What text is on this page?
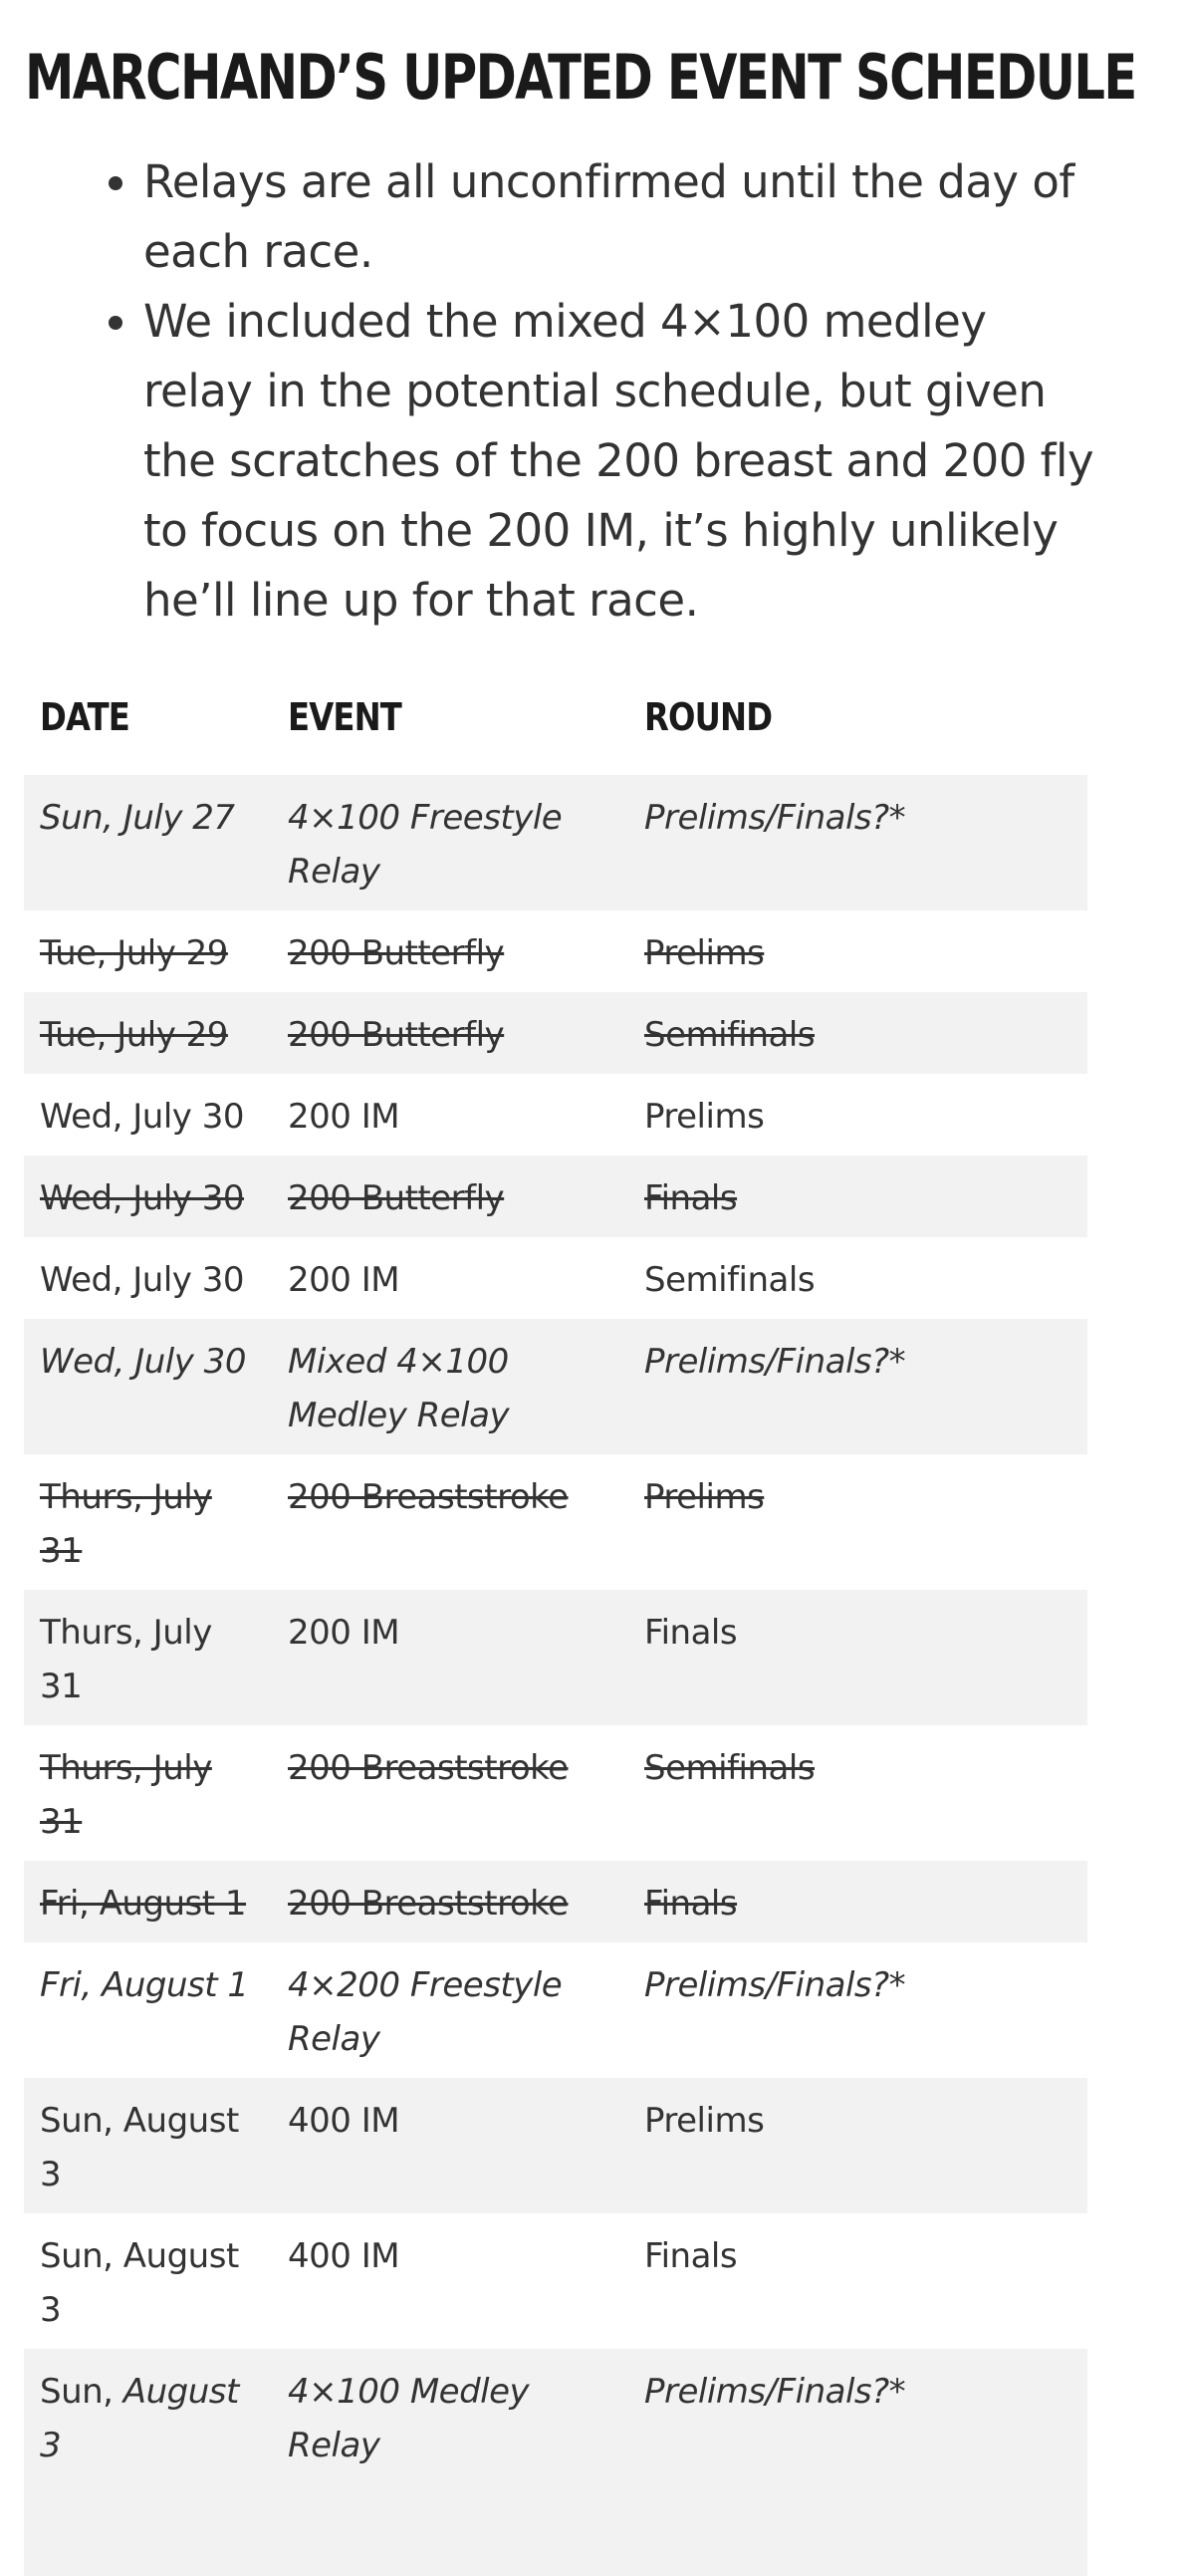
MARCHAND’S UPDATED EVENT SCHEDULE
• Relays are all unconfirmed until the day of each race.
• We included the mixed 4×100 medley relay in the potential schedule, but given the scratches of the 200 breast and 200 fly to focus on the 200 IM, it’s highly unlikely he’ll line up for that race.
DATE	EVENT	ROUND
Sun, July 27	4×100 Freestyle Relay	Prelims/Finals?*
Tue, July 29	200 Butterfly	Prelims
Tue, July 29	200 Butterfly	Semifinals
Wed, July 30	200 IM	Prelims
Wed, July 30	200 Butterfly	Finals
Wed, July 30	200 IM	Semifinals
Wed, July 30	Mixed 4×100 Medley Relay	Prelims/Finals?*
Thurs, July 31	200 Breaststroke	Prelims
Thurs, July 31	200 IM	Finals
Thurs, July 31	200 Breaststroke	Semifinals
Fri, August 1	200 Breaststroke	Finals
Fri, August 1	4×200 Freestyle Relay	Prelims/Finals?*
Sun, August 3	400 IM	Prelims
Sun, August 3	400 IM	Finals
Sun, August 3	4×100 Medley Relay	Prelims/Finals?*
